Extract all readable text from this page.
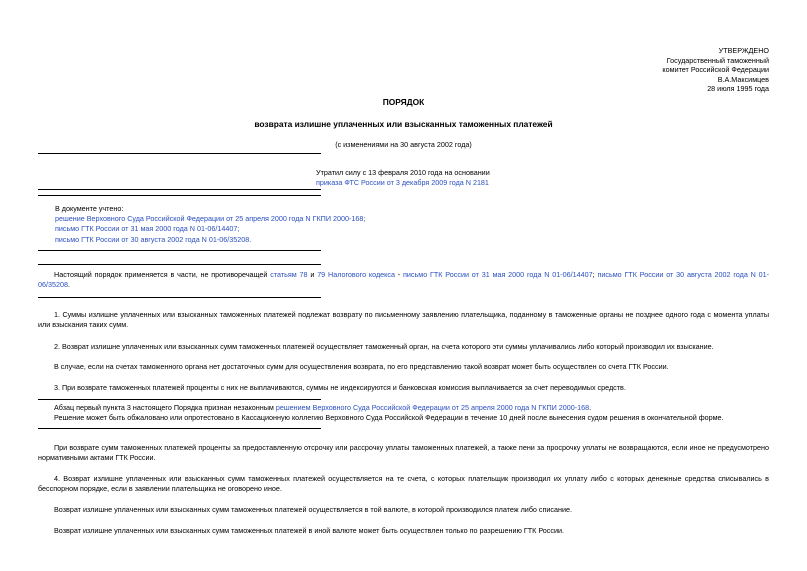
УТВЕРЖДЕНО
Государственный таможенный
комитет Российской Федерации
В.А.Максимцев
28 июля 1995 года
ПОРЯДОК
возврата излишне уплаченных или взысканных таможенных платежей
(с изменениями на 30 августа 2002 года)
Утратил силу с 13 февраля 2010 года на основании
приказа ФТС России от 3 декабря 2009 года N 2181
В документе учтено:
решение Верховного Суда Российской Федерации от 25 апреля 2000 года N ГКПИ 2000-168;
письмо ГТК России от 31 мая 2000 года N 01-06/14407;
письмо ГТК России от 30 августа 2002 года N 01-06/35208.
Настоящий порядок применяется в части, не противоречащей статьям 78 и 79 Налогового кодекса - письмо ГТК России от 31 мая 2000 года N 01-06/14407; письмо ГТК России от 30 августа 2002 года N 01-06/35208.
1. Суммы излишне уплаченных или взысканных таможенных платежей подлежат возврату по письменному заявлению плательщика, поданному в таможенные органы не позднее одного года с момента уплаты или взыскания таких сумм.
2. Возврат излишне уплаченных или взысканных сумм таможенных платежей осуществляет таможенный орган, на счета которого эти суммы уплачивались либо который производил их взыскание.
В случае, если на счетах таможенного органа нет достаточных сумм для осуществления возврата, по его представлению такой возврат может быть осуществлен со счета ГТК России.
3. При возврате таможенных платежей проценты с них не выплачиваются, суммы не индексируются и банковская комиссия выплачивается за счет переводимых средств.
Абзац первый пункта 3 настоящего Порядка признан незаконным решением Верховного Суда Российской Федерации от 25 апреля 2000 года N ГКПИ 2000-168.
Решение может быть обжаловано или опротестовано в Кассационную коллегию Верховного Суда Российской Федерации в течение 10 дней после вынесения судом решения в окончательной форме.
При возврате сумм таможенных платежей проценты за предоставленную отсрочку или рассрочку уплаты таможенных платежей, а также пени за просрочку уплаты не возвращаются, если иное не предусмотрено нормативными актами ГТК России.
4. Возврат излишне уплаченных или взысканных сумм таможенных платежей осуществляется на те счета, с которых плательщик производил их уплату либо с которых денежные средства списывались в бесспорном порядке, если в заявлении плательщика не оговорено иное.
Возврат излишне уплаченных или взысканных сумм таможенных платежей осуществляется в той валюте, в которой производился платеж либо списание.
Возврат излишне уплаченных или взысканных сумм таможенных платежей в иной валюте может быть осуществлен только по разрешению ГТК России.
